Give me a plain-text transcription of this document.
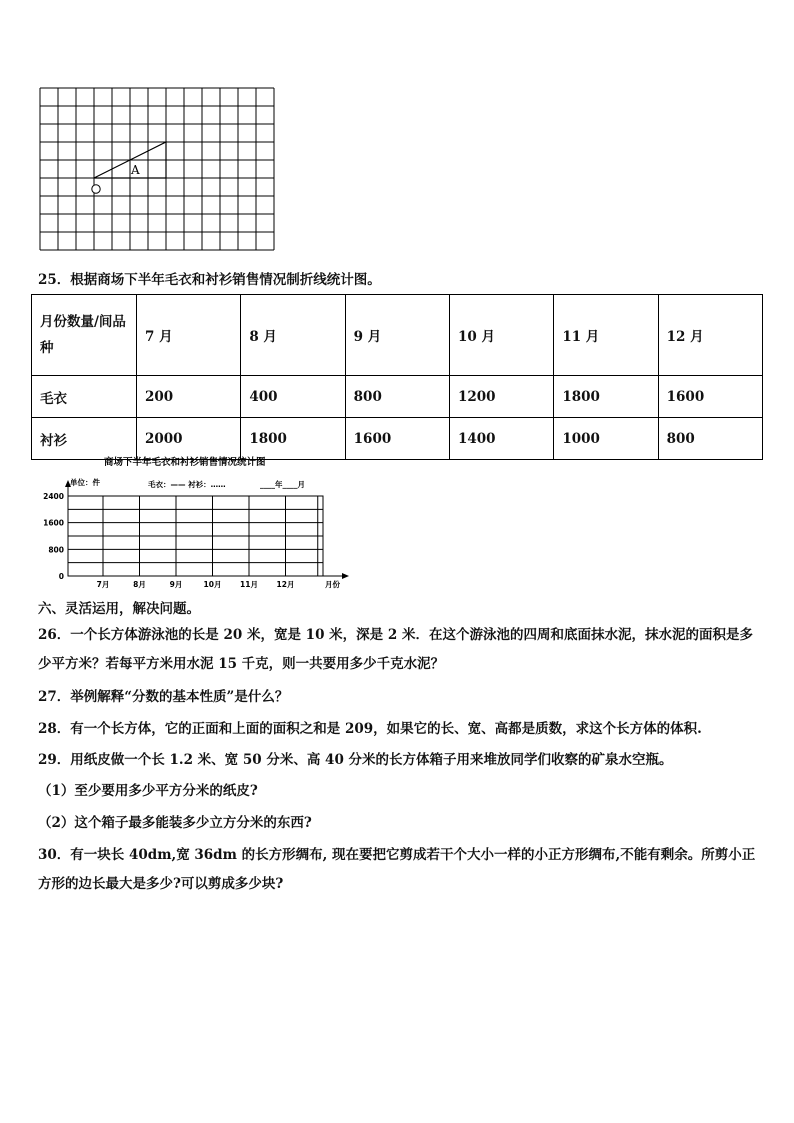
A
25．根据商场下半年毛衣和衬衫销售情况制折线统计图。
月份数量/间品种	7 月	8 月	9 月	10 月	11 月	12 月
毛衣	200	400	800	1200	1800	1600
衬衫	2000	1800	1600	1400	1000	800
商场下半年毛衣和衬衫销售情况统计图
单位：件	毛衣：—— 衬衫：……	____年____月
2400
1600
800
0
7月	8月	9月	10月 11月 12月	月份
六、灵活运用，解决问题。
26．一个长方体游泳池的长是 20 米，宽是 10 米，深是 2 米．在这个游泳池的四周和底面抹水泥，抹水泥的面积是多少平方米？若每平方米用水泥 15 千克，则一共要用多少千克水泥？
27．举例解释“分数的基本性质”是什么？
28．有一个长方体，它的正面和上面的面积之和是 209，如果它的长、宽、高都是质数，求这个长方体的体积.
29．用纸皮做一个长 1.2 米、宽 50 分米、高 40 分米的长方体箱子用来堆放同学们收察的矿泉水空瓶。
（1）至少要用多少平方分米的纸皮?
（2）这个箱子最多能装多少立方分米的东西?
30．有一块长 40dm,宽 36dm 的长方形绸布, 现在要把它剪成若干个大小一样的小正方形绸布,不能有剩余。所剪小正方形的边长最大是多少?可以剪成多少块?
